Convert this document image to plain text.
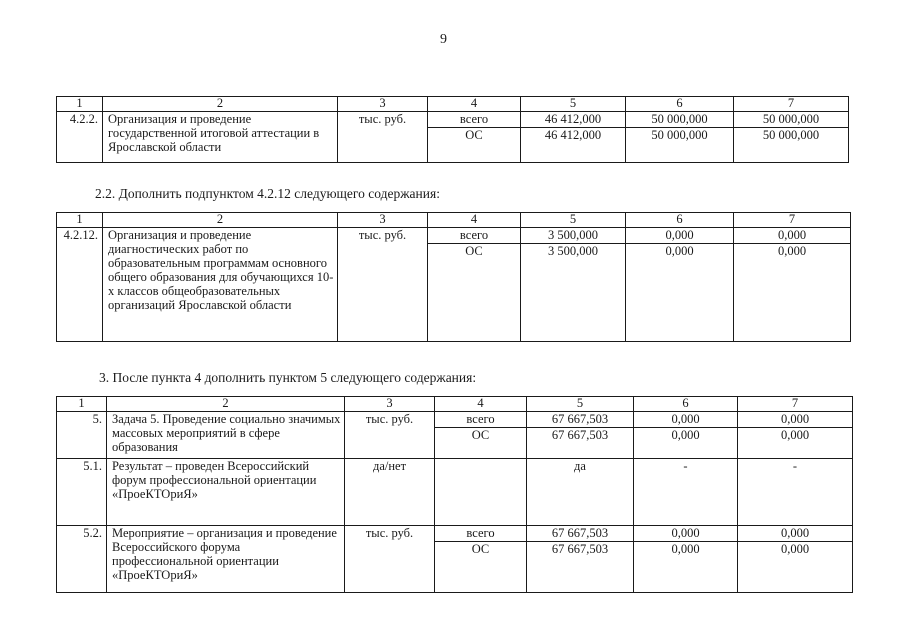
9
1	2	3	4	5	6	7
4.2.2.	Организация и проведение государственной итоговой аттестации в Ярославской области	тыс. руб.	всего	46 412,000	50 000,000	50 000,000
			ОС	46 412,000	50 000,000	50 000,000
2.2. Дополнить подпунктом 4.2.12 следующего содержания:
1	2	3	4	5	6	7
4.2.12.	Организация и проведение диагностических работ по образовательным программам основного общего образования для обучающихся 10-х классов общеобразовательных организаций Ярославской области	тыс. руб.	всего	3 500,000	0,000	0,000
			ОС	3 500,000	0,000	0,000
3. После пункта 4 дополнить пунктом 5 следующего содержания:
1	2	3	4	5	6	7
5.	Задача 5. Проведение социально значимых массовых мероприятий в сфере образования	тыс. руб.	всего	67 667,503	0,000	0,000
			ОС	67 667,503	0,000	0,000
5.1.	Результат – проведен Всероссийский форум профессиональной ориентации «ПроеКТОриЯ»	да/нет		да	-	-
5.2.	Мероприятие – организация и проведение Всероссийского форума профессиональной ориентации «ПроеКТОриЯ»	тыс. руб.	всего	67 667,503	0,000	0,000
			ОС	67 667,503	0,000	0,000
